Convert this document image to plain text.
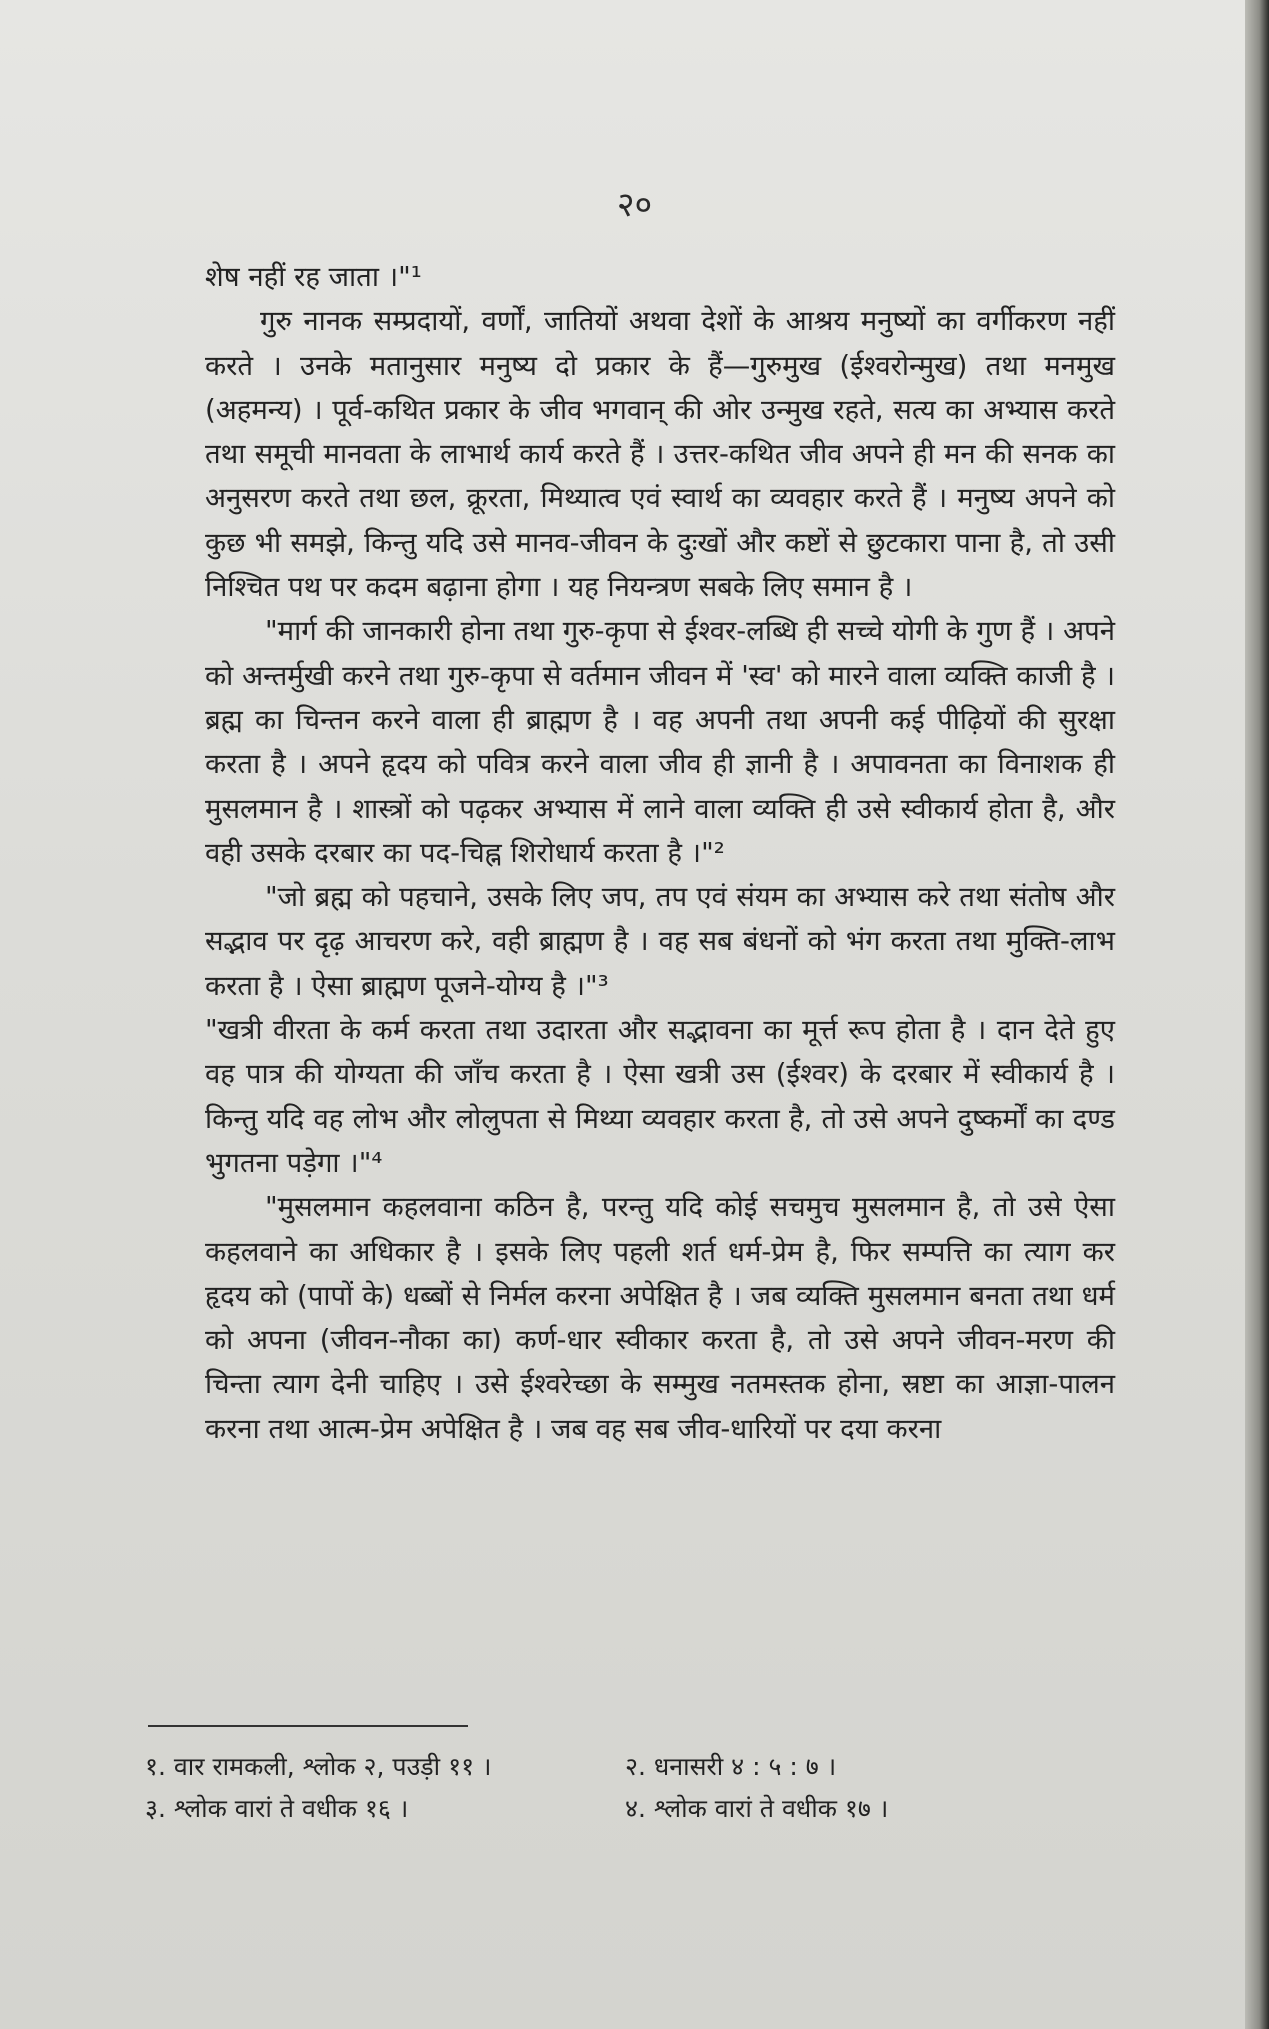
२०

शेष नहीं रह जाता ।"¹

गुरु नानक सम्प्रदायों, वर्णों, जातियों अथवा देशों के आश्रय मनुष्यों का वर्गीकरण नहीं करते । उनके मतानुसार मनुष्य दो प्रकार के हैं—गुरुमुख (ईश्वरोन्मुख) तथा मनमुख (अहमन्य) । पूर्व-कथित प्रकार के जीव भगवान् की ओर उन्मुख रहते, सत्य का अभ्यास करते तथा समूची मानवता के लाभार्थ कार्य करते हैं । उत्तर-कथित जीव अपने ही मन की सनक का अनुसरण करते तथा छल, क्रूरता, मिथ्यात्व एवं स्वार्थ का व्यवहार करते हैं । मनुष्य अपने को कुछ भी समझे, किन्तु यदि उसे मानव-जीवन के दुःखों और कष्टों से छुटकारा पाना है, तो उसी निश्चित पथ पर कदम बढ़ाना होगा । यह नियन्त्रण सबके लिए समान है ।

"मार्ग की जानकारी होना तथा गुरु-कृपा से ईश्वर-लब्धि ही सच्चे योगी के गुण हैं । अपने को अन्तर्मुखी करने तथा गुरु-कृपा से वर्तमान जीवन में 'स्व' को मारने वाला व्यक्ति काजी है । ब्रह्म का चिन्तन करने वाला ही ब्राह्मण है । वह अपनी तथा अपनी कई पीढ़ियों की सुरक्षा करता है । अपने हृदय को पवित्र करने वाला जीव ही ज्ञानी है । अपावनता का विनाशक ही मुसलमान है । शास्त्रों को पढ़कर अभ्यास में लाने वाला व्यक्ति ही उसे स्वीकार्य होता है, और वही उसके दरबार का पद-चिह्न शिरोधार्य करता है ।"²

"जो ब्रह्म को पहचाने, उसके लिए जप, तप एवं संयम का अभ्यास करे तथा संतोष और सद्भाव पर दृढ़ आचरण करे, वही ब्राह्मण है । वह सब बंधनों को भंग करता तथा मुक्ति-लाभ करता है । ऐसा ब्राह्मण पूजने-योग्य है ।"³

"खत्री वीरता के कर्म करता तथा उदारता और सद्भावना का मूर्त्त रूप होता है । दान देते हुए वह पात्र की योग्यता की जाँच करता है । ऐसा खत्री उस (ईश्वर) के दरबार में स्वीकार्य है । किन्तु यदि वह लोभ और लोलुपता से मिथ्या व्यवहार करता है, तो उसे अपने दुष्कर्मों का दण्ड भुगतना पड़ेगा ।"⁴

"मुसलमान कहलवाना कठिन है, परन्तु यदि कोई सचमुच मुसलमान है, तो उसे ऐसा कहलवाने का अधिकार है । इसके लिए पहली शर्त धर्म-प्रेम है, फिर सम्पत्ति का त्याग कर हृदय को (पापों के) धब्बों से निर्मल करना अपेक्षित है । जब व्यक्ति मुसलमान बनता तथा धर्म को अपना (जीवन-नौका का) कर्ण-धार स्वीकार करता है, तो उसे अपने जीवन-मरण की चिन्ता त्याग देनी चाहिए । उसे ईश्वरेच्छा के सम्मुख नतमस्तक होना, स्रष्टा का आज्ञा-पालन करना तथा आत्म-प्रेम अपेक्षित है । जब वह सब जीव-धारियों पर दया करना

१. वार रामकली, श्लोक २, पउड़ी ११ ।	२. धनासरी ४ : ५ : ७ ।
३. श्लोक वारां ते वधीक १६ ।	४. श्लोक वारां ते वधीक १७ ।
